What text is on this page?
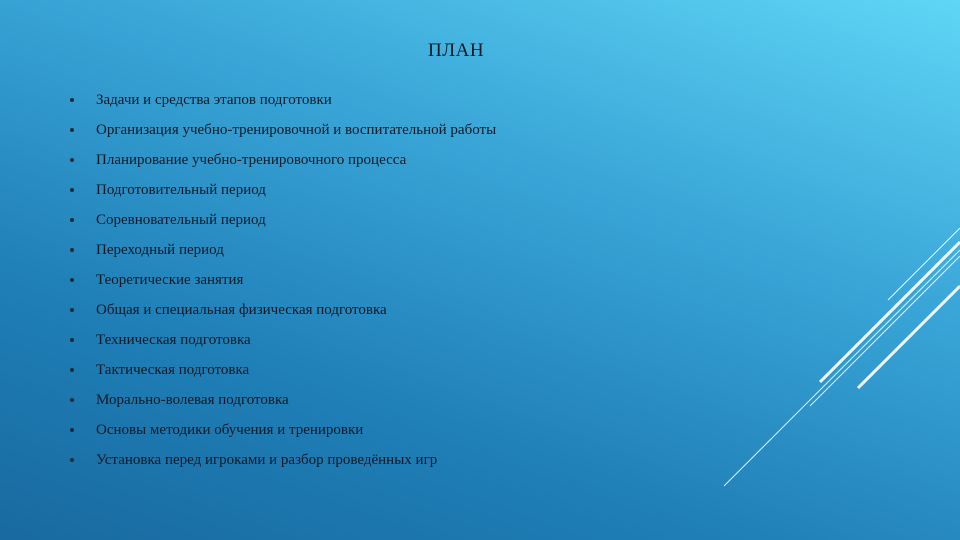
ПЛАН
Задачи и средства этапов подготовки
Организация учебно-тренировочной и воспитательной работы
Планирование учебно-тренировочного процесса
Подготовительный период
Соревновательный период
Переходный период
Теоретические занятия
Общая и специальная физическая подготовка
Техническая подготовка
Тактическая подготовка
Морально-волевая подготовка
Основы методики обучения и тренировки
Установка перед игроками и разбор проведённых игр
